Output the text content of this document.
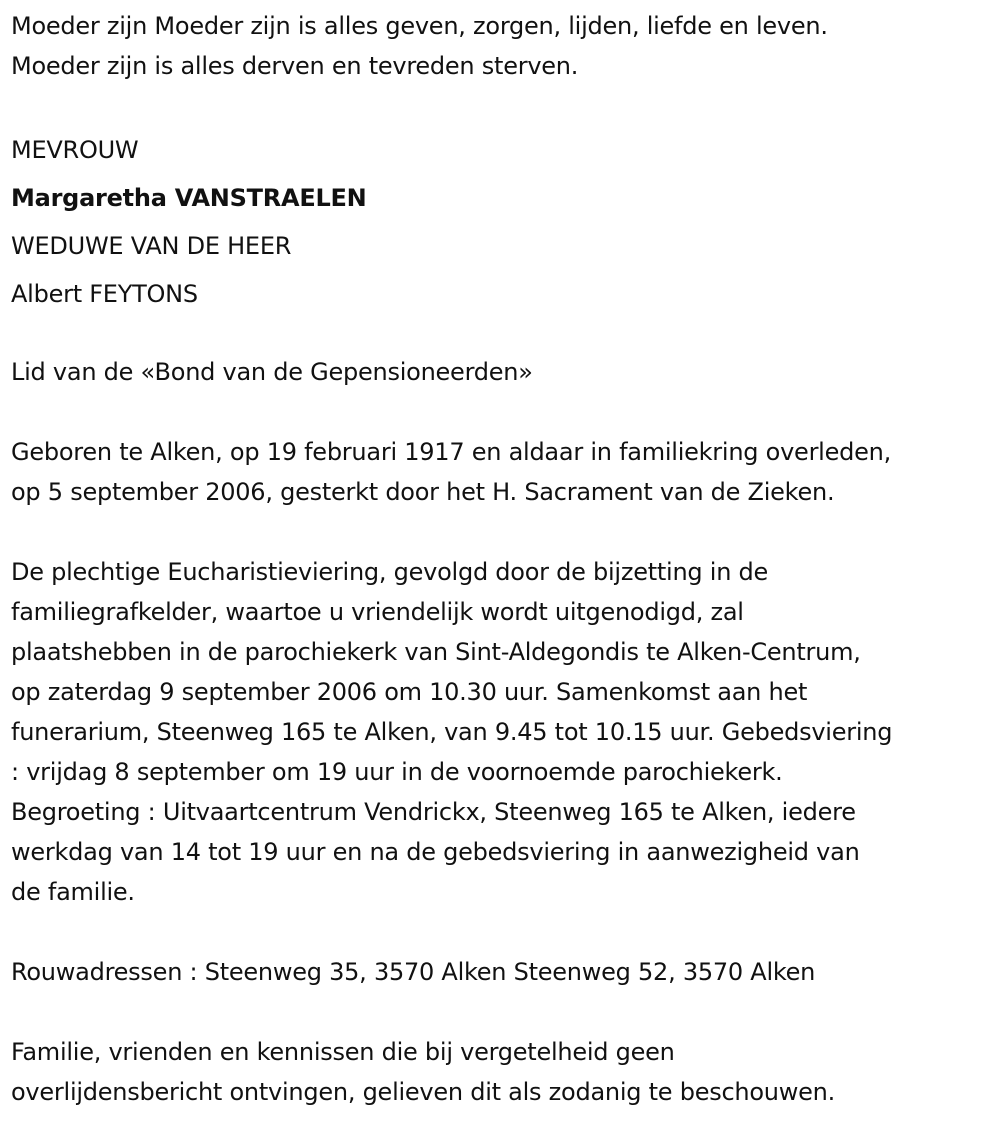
Moeder zijn Moeder zijn is alles geven, zorgen, lijden, liefde en leven.
Moeder zijn is alles derven en tevreden sterven.
MEVROUW
Margaretha VANSTRAELEN
WEDUWE VAN DE HEER
Albert FEYTONS
Lid van de «Bond van de Gepensioneerden»
Geboren te Alken, op 19 februari 1917 en aldaar in familiekring overleden,
op 5 september 2006, gesterkt door het H. Sacrament van de Zieken.
De plechtige Eucharistieviering, gevolgd door de bijzetting in de
familiegrafkelder, waartoe u vriendelijk wordt uitgenodigd, zal
plaatshebben in de parochiekerk van Sint-Aldegondis te Alken-Centrum,
op zaterdag 9 september 2006 om 10.30 uur. Samenkomst aan het
funerarium, Steenweg 165 te Alken, van 9.45 tot 10.15 uur. Gebedsviering
: vrijdag 8 september om 19 uur in de voornoemde parochiekerk.
Begroeting : Uitvaartcentrum Vendrickx, Steenweg 165 te Alken, iedere
werkdag van 14 tot 19 uur en na de gebedsviering in aanwezigheid van
de familie.
Rouwadressen : Steenweg 35, 3570 Alken Steenweg 52, 3570 Alken
Familie, vrienden en kennissen die bij vergetelheid geen
overlijdensbericht ontvingen, gelieven dit als zodanig te beschouwen.
